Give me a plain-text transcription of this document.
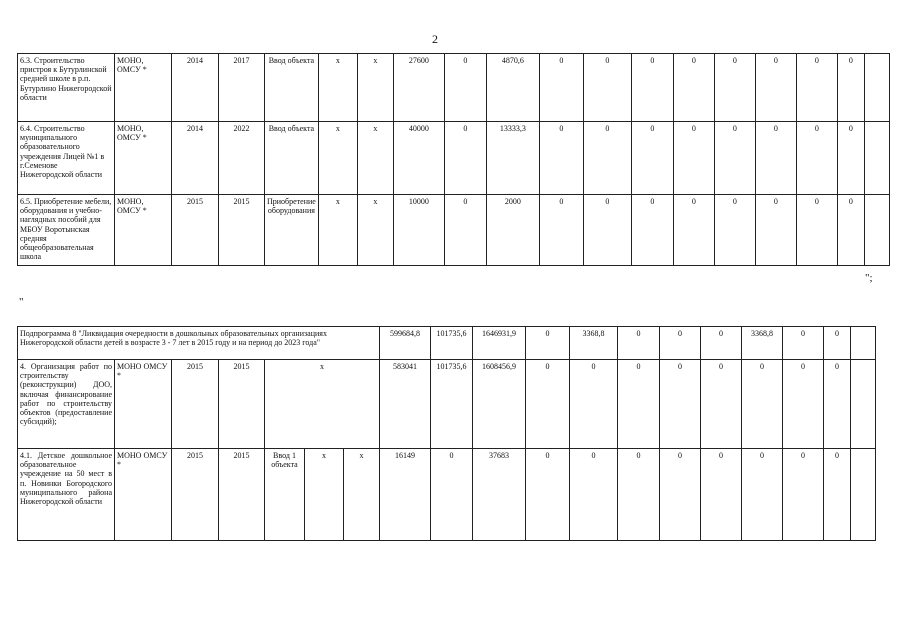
2
6.3. Строительство пристроя к Бутурлинской средней школе в р.п. Бутурлино Нижегородской области	МОНО, ОМСУ *	2014	2017	Ввод объекта	x	x	27600	0	4870,6	0	0	0	0	0	0	0	0	
6.4. Строительство муниципального образовательного учреждения Лицей №1 в г.Семенове Нижегородской области	МОНО, ОМСУ *	2014	2022	Ввод объекта	x	x	40000	0	13333,3	0	0	0	0	0	0	0	0	
6.5. Приобретение мебели, оборудования и учебно-наглядных пособий для МБОУ Воротынская средняя общеобразовательная школа	МОНО, ОМСУ *	2015	2015	Приобретение оборудования	x	x	10000	0	2000	0	0	0	0	0	0	0	0	
";
"
Подпрограмма 8 "Ликвидация очередности в дошкольных образовательных организациях Нижегородской области детей в возрасте 3 - 7 лет в 2015 году и на период до 2023 года"							599684,8	101735,6	1646931,9	0	3368,8	0	0	0	3368,8	0	0	
4. Организация работ по строительству (реконструкции) ДОО, включая финансирование работ по строительству объектов (предоставление субсидий);	МОНО ОМСУ *	2015	2015	x			583041	101735,6	1608456,9	0	0	0	0	0	0	0	0	
4.1. Детское дошкольное образовательное учреждение на 50 мест в п. Новинки Богородского муниципального района Нижегородской области	МОНО ОМСУ *	2015	2015	Ввод 1 объекта	x	x	16149	0	37683	0	0	0	0	0	0	0	0	
